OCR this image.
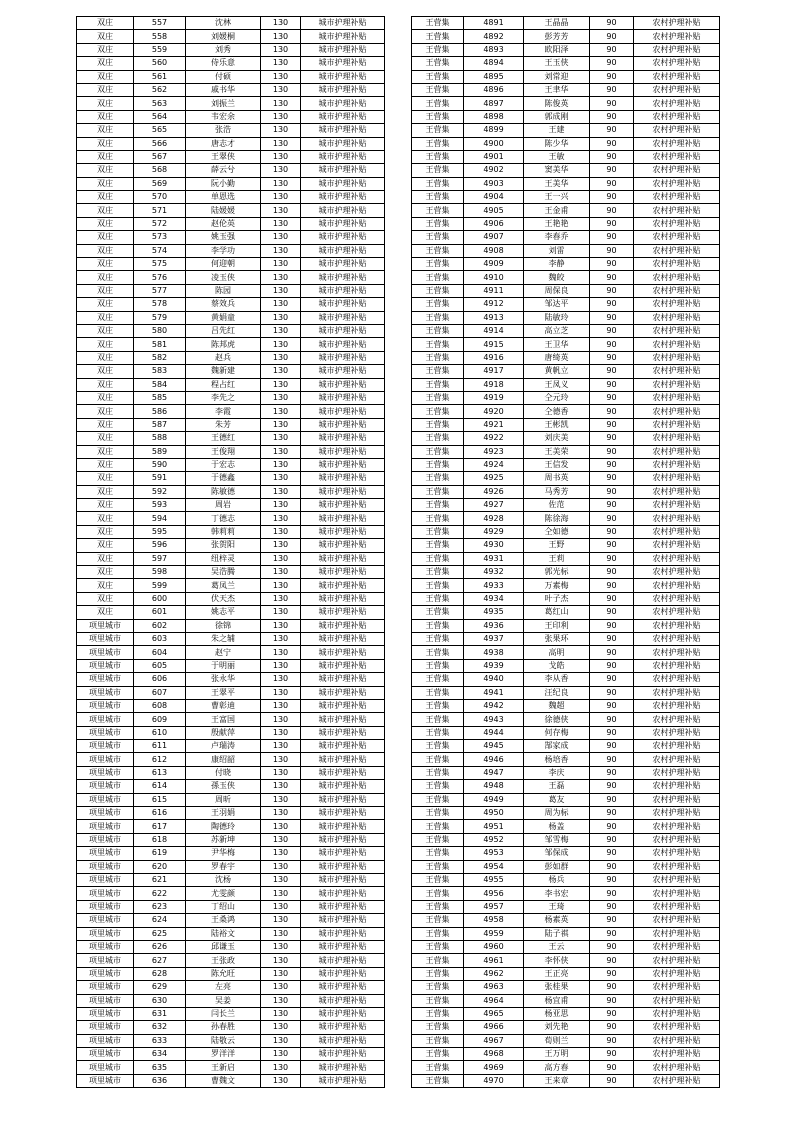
双庄	557	沈林	130	城市护理补贴
双庄	558	刘媛桐	130	城市护理补贴
双庄	559	刘秀	130	城市护理补贴
双庄	560	侍乐意	130	城市护理补贴
双庄	561	付硕	130	城市护理补贴
双庄	562	戚书华	130	城市护理补贴
双庄	563	刘振兰	130	城市护理补贴
双庄	564	韦宏余	130	城市护理补贴
双庄	565	张浩	130	城市护理补贴
双庄	566	唐志才	130	城市护理补贴
双庄	567	王翠侠	130	城市护理补贴
双庄	568	薛云兮	130	城市护理补贴
双庄	569	阮小勤	130	城市护理补贴
双庄	570	单恩选	130	城市护理补贴
双庄	571	陆媛媛	130	城市护理补贴
双庄	572	赵伦英	130	城市护理补贴
双庄	573	姚玉强	130	城市护理补贴
双庄	574	李学功	130	城市护理补贴
双庄	575	何迎朝	130	城市护理补贴
双庄	576	凌玉侠	130	城市护理补贴
双庄	577	陈园	130	城市护理补贴
双庄	578	蔡效兵	130	城市护理补贴
双庄	579	黄娟童	130	城市护理补贴
双庄	580	吕先红	130	城市护理补贴
双庄	581	陈邦虎	130	城市护理补贴
双庄	582	赵兵	130	城市护理补贴
双庄	583	魏新建	130	城市护理补贴
双庄	584	程占红	130	城市护理补贴
双庄	585	李先之	130	城市护理补贴
双庄	586	李霞	130	城市护理补贴
双庄	587	朱芳	130	城市护理补贴
双庄	588	王德红	130	城市护理补贴
双庄	589	王俊翔	130	城市护理补贴
双庄	590	于宏志	130	城市护理补贴
双庄	591	于德鑫	130	城市护理补贴
双庄	592	陈敏德	130	城市护理补贴
双庄	593	周岩	130	城市护理补贴
双庄	594	丁德志	130	城市护理补贴
双庄	595	韩莉莉	130	城市护理补贴
双庄	596	张贺阳	130	城市护理补贴
双庄	597	纽梓灵	130	城市护理补贴
双庄	598	吴浩腾	130	城市护理补贴
双庄	599	葛凤兰	130	城市护理补贴
双庄	600	伏天杰	130	城市护理补贴
双庄	601	姚志平	130	城市护理补贴
项里城市	602	徐锦	130	城市护理补贴
项里城市	603	朱之辅	130	城市护理补贴
项里城市	604	赵宁	130	城市护理补贴
项里城市	605	于明丽	130	城市护理补贴
项里城市	606	张永华	130	城市护理补贴
项里城市	607	王翠平	130	城市护理补贴
项里城市	608	曹彰迪	130	城市护理补贴
项里城市	609	王富国	130	城市护理补贴
项里城市	610	殷献萍	130	城市护理补贴
项里城市	611	卢瑞涛	130	城市护理补贴
项里城市	612	康绍韶	130	城市护理补贴
项里城市	613	付晓	130	城市护理补贴
项里城市	614	孫玉侠	130	城市护理补贴
项里城市	615	周昕	130	城市护理补贴
项里城市	616	王羽娟	130	城市护理补贴
项里城市	617	陶德玲	130	城市护理补贴
项里城市	618	苏新坤	130	城市护理补贴
项里城市	619	尹华梅	130	城市护理补贴
项里城市	620	罗春宇	130	城市护理补贴
项里城市	621	沈杨	130	城市护理补贴
项里城市	622	尤雯颜	130	城市护理补贴
项里城市	623	丁绍山	130	城市护理补贴
项里城市	624	王桑鸿	130	城市护理补贴
项里城市	625	陆裕文	130	城市护理补贴
项里城市	626	邱谦玉	130	城市护理补贴
项里城市	627	王张政	130	城市护理补贴
项里城市	628	陈允旺	130	城市护理补贴
项里城市	629	左亮	130	城市护理补贴
项里城市	630	吴姜	130	城市护理补贴
项里城市	631	闫长兰	130	城市护理补贴
项里城市	632	孙春胜	130	城市护理补贴
项里城市	633	陆敬云	130	城市护理补贴
项里城市	634	罗洋洋	130	城市护理补贴
项里城市	635	王新启	130	城市护理补贴
项里城市	636	曹魏文	130	城市护理补贴
王营集	4891	王晶晶	90	农村护理补贴
王营集	4892	彭芳芳	90	农村护理补贴
王营集	4893	欧阳泽	90	农村护理补贴
王营集	4894	王玉侠	90	农村护理补贴
王营集	4895	刘常迎	90	农村护理补贴
王营集	4896	王聿华	90	农村护理补贴
王营集	4897	陈俊英	90	农村护理补贴
王营集	4898	郭成刚	90	农村护理补贴
王营集	4899	王建	90	农村护理补贴
王营集	4900	陈少华	90	农村护理补贴
王营集	4901	王敏	90	农村护理补贴
王营集	4902	窦美华	90	农村护理补贴
王营集	4903	王美华	90	农村护理补贴
王营集	4904	王一兴	90	农村护理补贴
王营集	4905	王金甫	90	农村护理补贴
王营集	4906	王艳艳	90	农村护理补贴
王营集	4907	李春乔	90	农村护理补贴
王营集	4908	刘雷	90	农村护理补贴
王营集	4909	李静	90	农村护理补贴
王营集	4910	魏皎	90	农村护理补贴
王营集	4911	周保良	90	农村护理补贴
王营集	4912	邹达平	90	农村护理补贴
王营集	4913	陆敏玲	90	农村护理补贴
王营集	4914	高立芝	90	农村护理补贴
王营集	4915	王卫华	90	农村护理补贴
王营集	4916	唐绮英	90	农村护理补贴
王营集	4917	黄帆立	90	农村护理补贴
王营集	4918	王凤义	90	农村护理补贴
王营集	4919	仝元玲	90	农村护理补贴
王营集	4920	仝德香	90	农村护理补贴
王营集	4921	王彬凯	90	农村护理补贴
王营集	4922	刘庆美	90	农村护理补贴
王营集	4923	王美荣	90	农村护理补贴
王营集	4924	王信发	90	农村护理补贴
王营集	4925	周书英	90	农村护理补贴
王营集	4926	马秀芳	90	农村护理补贴
王营集	4927	佐范	90	农村护理补贴
王营集	4928	陈徐海	90	农村护理补贴
王营集	4929	仝如德	90	农村护理补贴
王营集	4930	王野	90	农村护理补贴
王营集	4931	王莉	90	农村护理补贴
王营集	4932	郭光标	90	农村护理补贴
王营集	4933	万素梅	90	农村护理补贴
王营集	4934	叶子杰	90	农村护理补贴
王营集	4935	葛红山	90	农村护理补贴
王营集	4936	王印利	90	农村护理补贴
王营集	4937	张果环	90	农村护理补贴
王营集	4938	高明	90	农村护理补贴
王营集	4939	戈皓	90	农村护理补贴
王营集	4940	李从香	90	农村护理补贴
王营集	4941	汪纪良	90	农村护理补贴
王营集	4942	魏超	90	农村护理补贴
王营集	4943	徐德侠	90	农村护理补贴
王营集	4944	何存梅	90	农村护理补贴
王营集	4945	郜家成	90	农村护理补贴
王营集	4946	杨培香	90	农村护理补贴
王营集	4947	李庆	90	农村护理补贴
王营集	4948	王磊	90	农村护理补贴
王营集	4949	葛友	90	农村护理补贴
王营集	4950	周为标	90	农村护理补贴
王营集	4951	杨盖	90	农村护理补贴
王营集	4952	邹雪梅	90	农村护理补贴
王营集	4953	邹保成	90	农村护理补贴
王营集	4954	彭如群	90	农村护理补贴
王营集	4955	杨兵	90	农村护理补贴
王营集	4956	李书宏	90	农村护理补贴
王营集	4957	王琦	90	农村护理补贴
王营集	4958	杨素英	90	农村护理补贴
王营集	4959	陆子祺	90	农村护理补贴
王营集	4960	王云	90	农村护理补贴
王营集	4961	李怀侠	90	农村护理补贴
王营集	4962	王正亮	90	农村护理补贴
王营集	4963	张桂果	90	农村护理补贴
王营集	4964	杨宜甫	90	农村护理补贴
王营集	4965	杨亚思	90	农村护理补贴
王营集	4966	刘先艳	90	农村护理补贴
王营集	4967	荀则兰	90	农村护理补贴
王营集	4968	王万明	90	农村护理补贴
王营集	4969	高方春	90	农村护理补贴
王营集	4970	王来章	90	农村护理补贴
